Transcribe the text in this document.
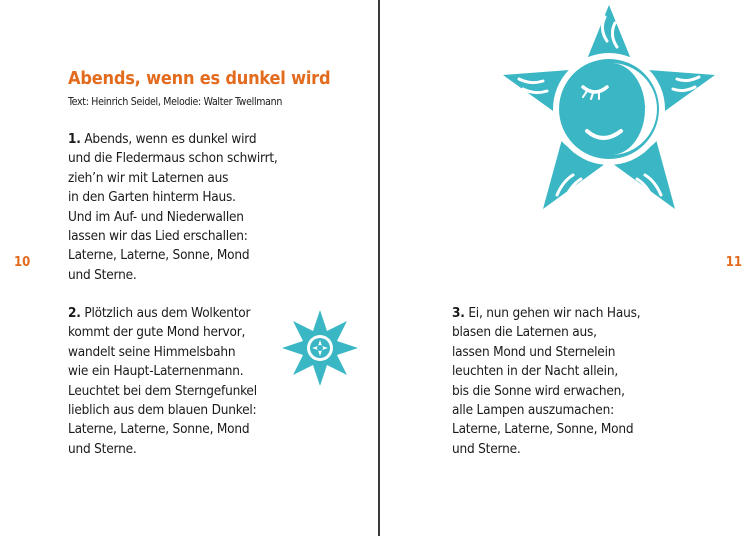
Abends, wenn es dunkel wird
Text: Heinrich Seidel, Melodie: Walter Twellmann
1. Abends, wenn es dunkel wird
und die Fledermaus schon schwirrt,
zieh’n wir mit Laternen aus
in den Garten hinterm Haus.
Und im Auf- und Niederwallen
lassen wir das Lied erschallen:
Laterne, Laterne, Sonne, Mond
und Sterne.
2. Plötzlich aus dem Wolkentor
kommt der gute Mond hervor,
wandelt seine Himmelsbahn
wie ein Haupt-Laternenmann.
Leuchtet bei dem Sterngefunkel
lieblich aus dem blauen Dunkel:
Laterne, Laterne, Sonne, Mond
und Sterne.
10
3. Ei, nun gehen wir nach Haus,
blasen die Laternen aus,
lassen Mond und Sternelein
leuchten in der Nacht allein,
bis die Sonne wird erwachen,
alle Lampen auszumachen:
Laterne, Laterne, Sonne, Mond
und Sterne.
11
